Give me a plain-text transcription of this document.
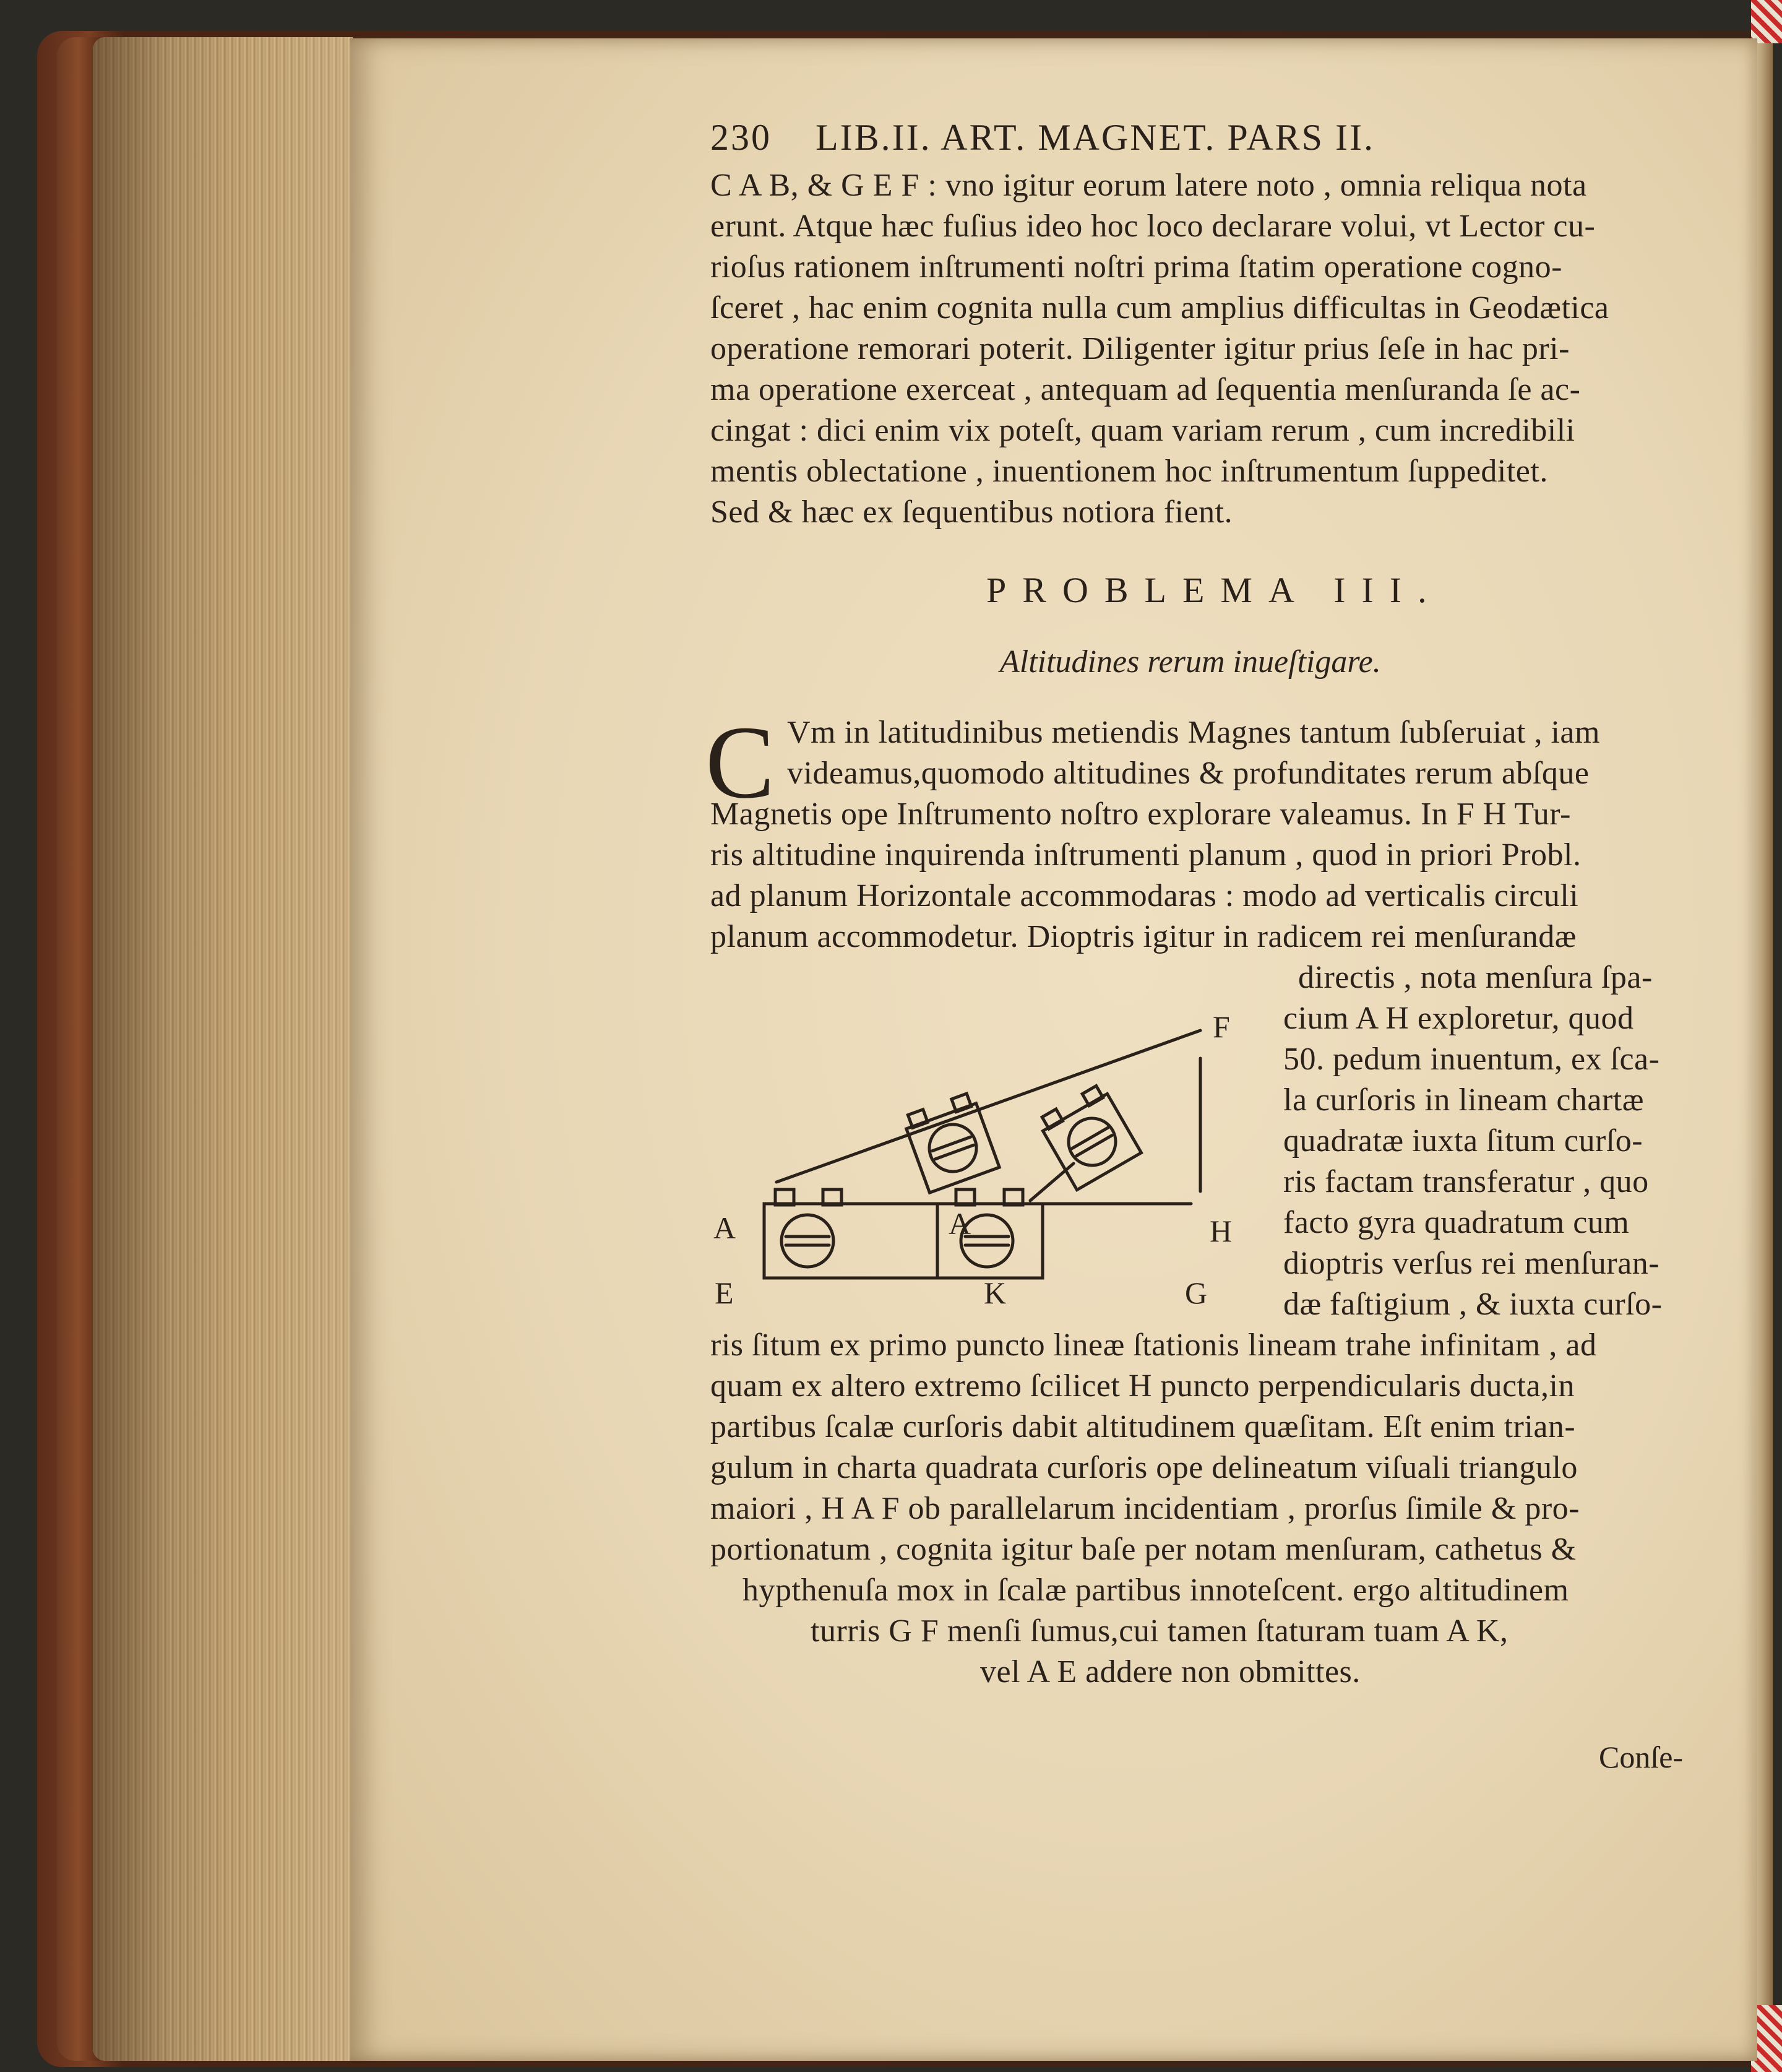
230 LIB.II. ART. MAGNET. PARS II.
C A B, & G E F : vno igitur eorum latere noto , omnia reliqua nota
erunt. Atque hæc fuſius ideo hoc loco declarare volui, vt Lector cu-
rioſus rationem inſtrumenti noſtri prima ſtatim operatione cogno-
ſceret , hac enim cognita nulla cum amplius difficultas in Geodætica
operatione remorari poterit. Diligenter igitur prius ſeſe in hac pri-
ma operatione exerceat , antequam ad ſequentia menſuranda ſe ac-
cingat : dici enim vix poteſt, quam variam rerum , cum incredibili
mentis oblectatione , inuentionem hoc inſtrumentum ſuppeditet.
Sed & hæc ex ſequentibus notiora fient.
PROBLEMA III.
Altitudines rerum inueſtigare.
C Vm in latitudinibus metiendis Magnes tantum ſubſeruiat , iam
videamus,quomodo altitudines & profunditates rerum abſque
Magnetis ope Inſtrumento noſtro explorare valeamus. In F H Tur-
ris altitudine inquirenda inſtrumenti planum , quod in priori Probl.
ad planum Horizontale accommodaras : modo ad verticalis circuli
planum accommodetur. Dioptris igitur in radicem rei menſurandæ
directis , nota menſura ſpa-
cium A H exploretur, quod
50. pedum inuentum, ex ſca-
la curſoris in lineam chartæ
quadratæ iuxta ſitum curſo-
ris factam transferatur , quo
facto gyra quadratum cum
dioptris verſus rei menſuran-
dæ faſtigium , & iuxta curſo-
ris ſitum ex primo puncto lineæ ſtationis lineam trahe infinitam , ad
quam ex altero extremo ſcilicet H puncto perpendicularis ducta,in
partibus ſcalæ curſoris dabit altitudinem quæſitam. Eſt enim trian-
gulum in charta quadrata curſoris ope delineatum viſuali triangulo
maiori , H A F ob parallelarum incidentiam , prorſus ſimile & pro-
portionatum , cognita igitur baſe per notam menſuram, cathetus &
hypthenuſa mox in ſcalæ partibus innoteſcent. ergo altitudinem
turris G F menſi ſumus,cui tamen ſtaturam tuam A K,
vel A E addere non obmittes.
Conſe-
F
A	A	H
E	K	G
